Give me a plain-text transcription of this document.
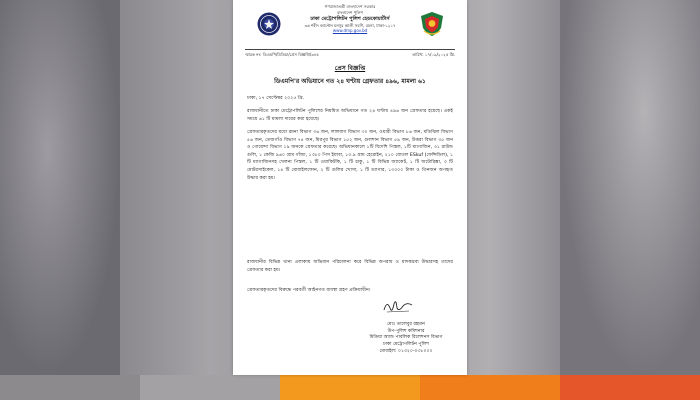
গণপ্রজাতন্ত্রী বাংলাদেশ সরকার
বাংলাদেশ পুলিশ
ঢাকা মেট্রোপলিটন পুলিশ হেডকোয়ার্টার্স
৩৬ শহীদ ক্যাপ্টেন মনসুর আলী সরণি, রমনা, ঢাকা-১২১৭
www.dmp.gov.bd
স্মারক নং: ডিএমপি/মিডিয়া/প্রেস বিজ্ঞপ্তি/৩৪৫	তারিখ: ১৭/০৯/২০২৫ খ্রি.
প্রেস বিজ্ঞপ্তি
ডিএমপি'র অভিযানে গত ২৪ ঘণ্টায় গ্রেফতার ৪৯৬, মামলা ৬১
ঢাকা, ১৭ সেপ্টেম্বর ২০২৫ খ্রি.
রাজধানীতে ঢাকা মেট্রোপলিটন পুলিশের নিয়মিত অভিযানে গত ২৪ ঘণ্টায় ৪৯৬ জন গ্রেফতার হয়েছে। একই সময়ে ৬১ টি মামলা দায়ের করা হয়েছে।
গ্রেফতারকৃতদের মধ্যে রমনা বিভাগ ৩৬ জন, লালবাগ বিভাগ ৩০ জন, ওয়ারী বিভাগ ৮৬ জন, মতিঝিল বিভাগ ৫৬ জন, তেজগাঁও বিভাগ ৭৪ জন, মিরপুর বিভাগ ১৫২ জন, গুলশান বিভাগ ৫৯ জন, উত্তরা বিভাগ ৩৫ জন ও গোয়েন্দা বিভাগ ১৯ জনকে গ্রেফতার করেছে। অভিযানকালে ১টি বিদেশি পিস্তল, ১টি ম্যাগাজিন, ৩১ রাউন্ড গুলি, ১ কেজি ৯৬০ গ্রাম গাঁজা, ১৩৮০ পিস ইয়াবা, ১৩.৯ গ্রাম হেরোইন, ২১০ বোতল ESkuf (ফেন্সিডিল), ১ টি ম্যাগাজিনসহ খেলনা পিস্তল, ১ টি ওয়াকিটকি, ১ টি চাকু, ১ টি বিভিন্ন জ্যাকেট, ১ টি অটোরিক্সা, ৩ টি মোটরসাইকেল, ১৪ টি মোবাইলফোন, ২ টি গুলির খোসা, ১ টি ড্যাগার, ১৩৩০০ টাকা ও তিনজন অপহৃত উদ্ধার করা হয়।
রাজধানীর বিভিন্ন থানা এলাকায় অভিযান পরিচালনা করে বিভিন্ন অপরাধ ও মাদকদ্রব্য উদ্ধারসহ তাদের গ্রেফতার করা হয়।
গ্রেফতারকৃতদের বিরুদ্ধে পরবর্তী আইনগত ব্যবস্থা গ্রহণ প্রক্রিয়াধীন।
মোঃ তালেবুর রহমান
উপ-পুলিশ কমিশনার
মিডিয়া অ্যান্ড পাবলিক রিলেশনস বিভাগ
ঢাকা মেট্রোপলিটন পুলিশ
মোবাইল: ০১৩২০-০৩৮০০০
